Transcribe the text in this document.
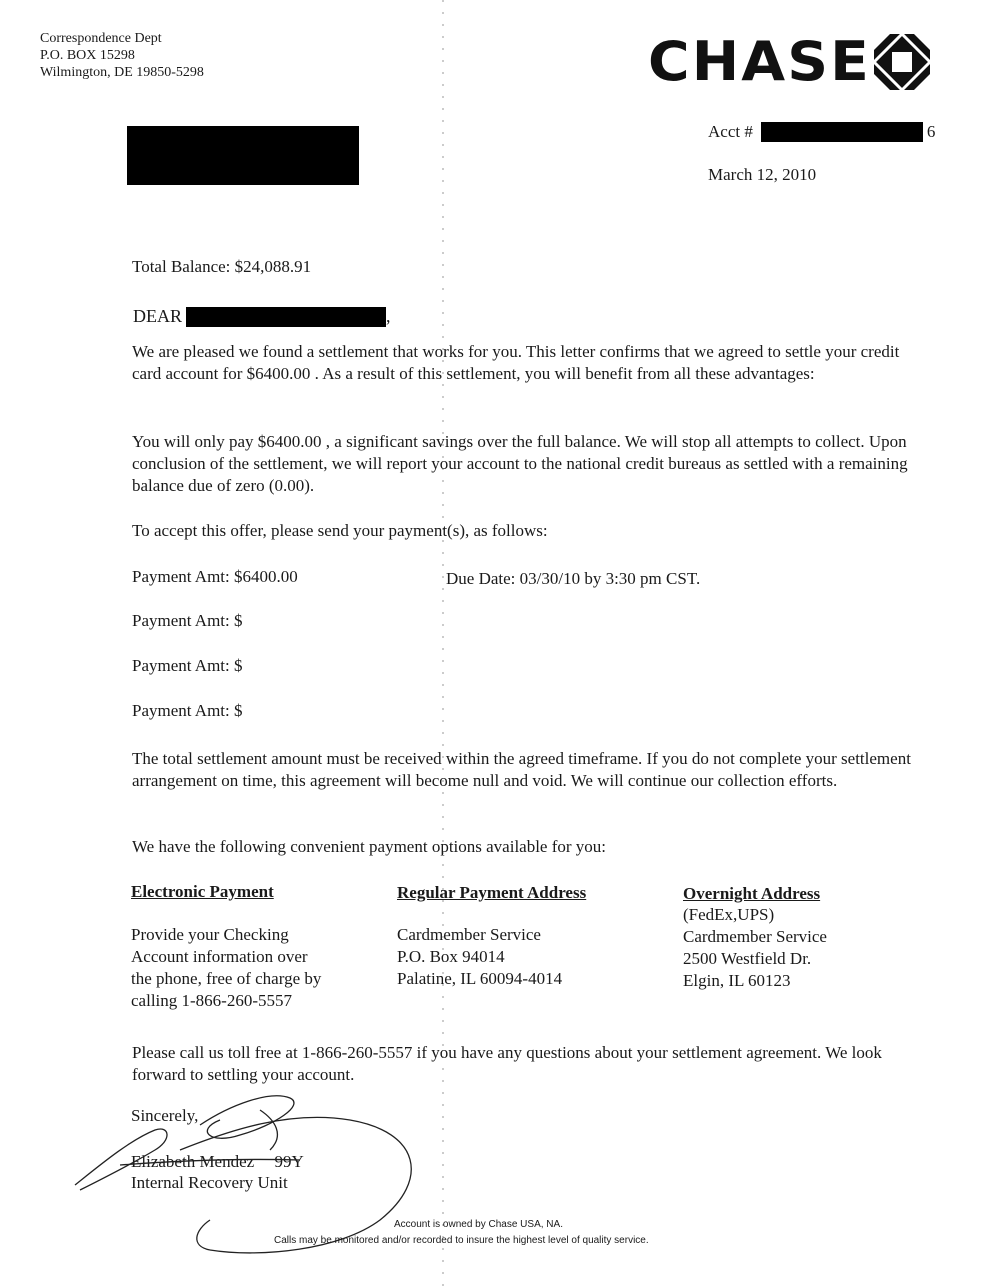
Correspondence Dept
P.O. BOX 15298
Wilmington, DE 19850-5298	CHASE
Acct #	6
March 12, 2010
Total Balance: $24,088.91
DEAR	,
We are pleased we found a settlement that works for you. This letter confirms that we agreed to settle your credit card account for $6400.00 . As a result of this settlement, you will benefit from all these advantages:
You will only pay $6400.00 , a significant savings over the full balance. We will stop all attempts to collect. Upon conclusion of the settlement, we will report your account to the national credit bureaus as settled with a remaining balance due of zero (0.00).
To accept this offer, please send your payment(s), as follows:
Payment Amt: $6400.00	Due Date: 03/30/10 by 3:30 pm CST.
Payment Amt: $
Payment Amt: $
Payment Amt: $
The total settlement amount must be received within the agreed timeframe. If you do not complete your settlement arrangement on time, this agreement will become null and void. We will continue our collection efforts.
We have the following convenient payment options available for you:
Electronic Payment
Provide your Checking
Account information over
the phone, free of charge by
calling 1-866-260-5557
Regular Payment Address
Cardmember Service
P.O. Box 94014
Palatine, IL 60094-4014
Overnight Address
(FedEx,UPS)
Cardmember Service
2500 Westfield Dr.
Elgin, IL 60123
Please call us toll free at 1-866-260-5557 if you have any questions about your settlement agreement. We look forward to settling your account.
Sincerely,
Elizabeth Mendez 99Y
Internal Recovery Unit
Account is owned by Chase USA, NA.
Calls may be monitored and/or recorded to insure the highest level of quality service.
